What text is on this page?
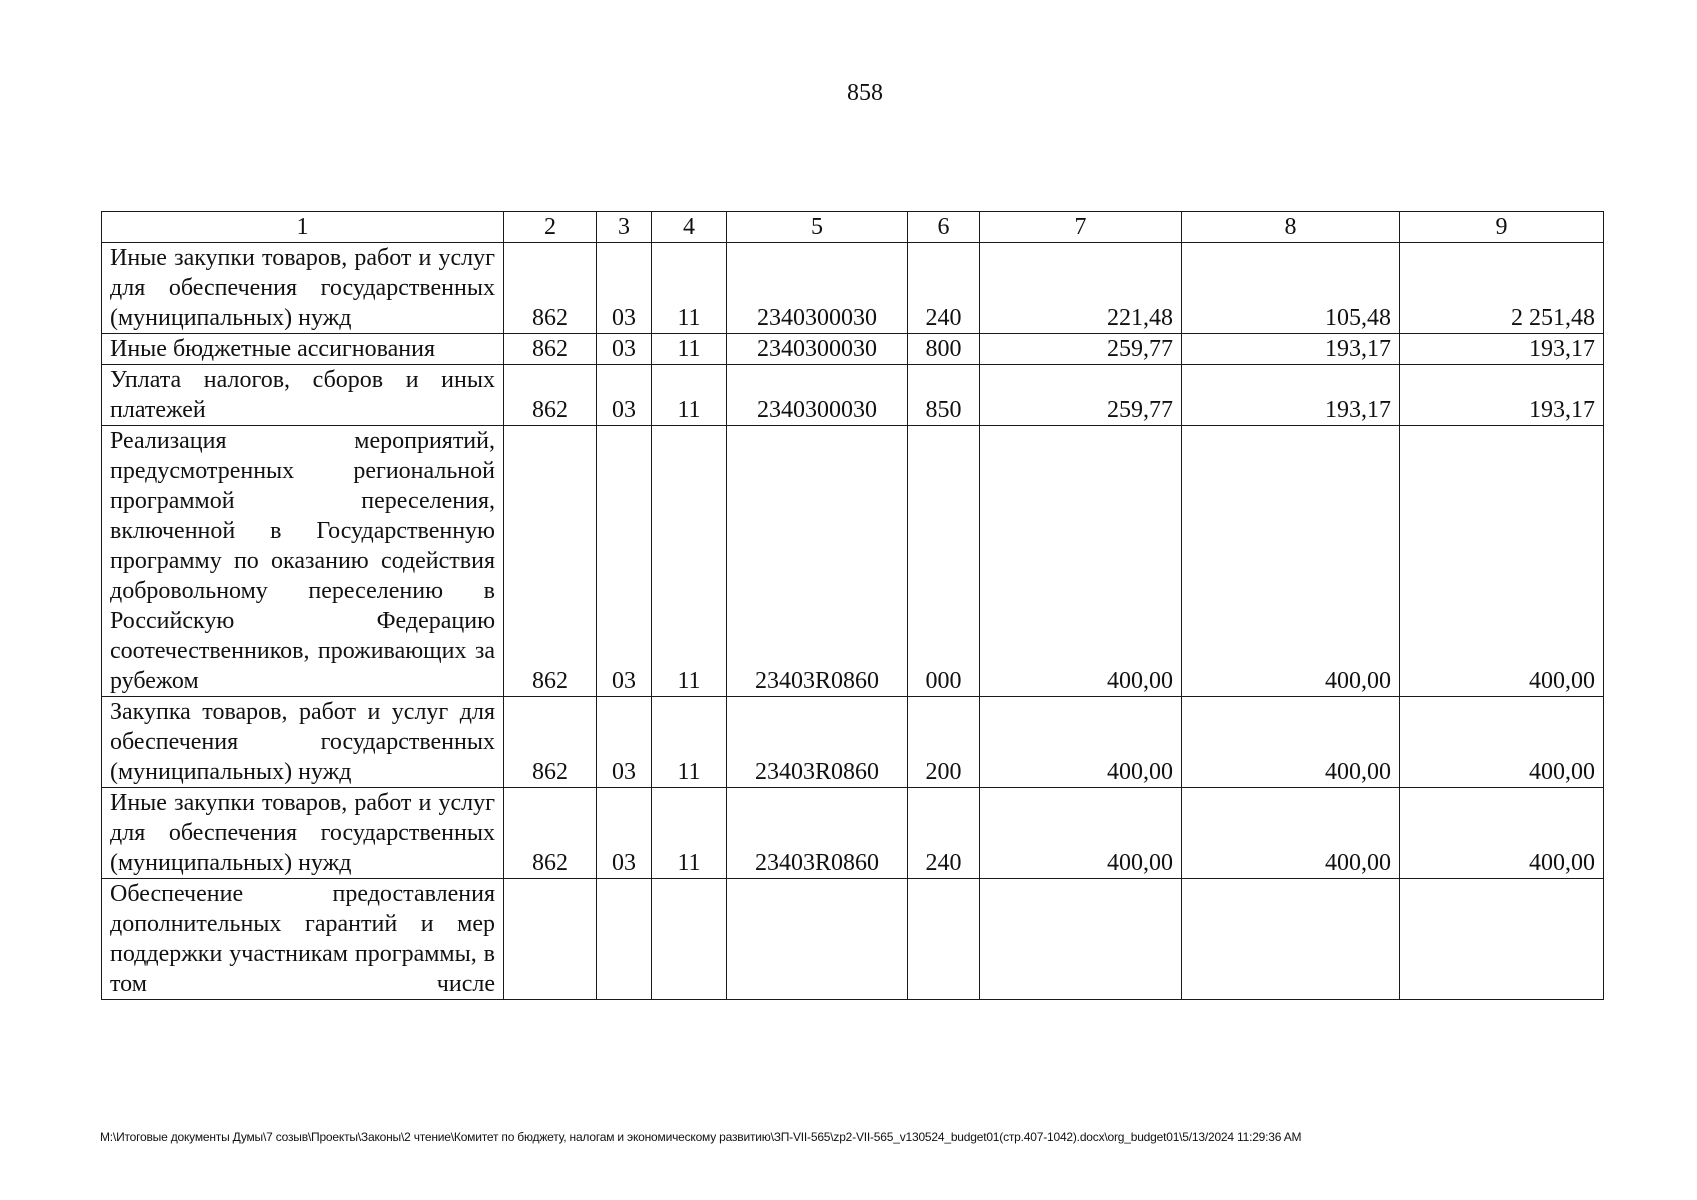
858
1	2	3	4	5	6	7	8	9
Иные закупки товаров, работ и услуг для обеспечения государственных (муниципальных) нужд	862	03	11	2340300030	240	221,48	105,48	2 251,48
Иные бюджетные ассигнования	862	03	11	2340300030	800	259,77	193,17	193,17
Уплата налогов, сборов и иных платежей	862	03	11	2340300030	850	259,77	193,17	193,17
Реализация мероприятий, предусмотренных региональной программой переселения, включенной в Государственную программу по оказанию содействия добровольному переселению в Российскую Федерацию соотечественников, проживающих за рубежом	862	03	11	23403R0860	000	400,00	400,00	400,00
Закупка товаров, работ и услуг для обеспечения государственных (муниципальных) нужд	862	03	11	23403R0860	200	400,00	400,00	400,00
Иные закупки товаров, работ и услуг для обеспечения государственных (муниципальных) нужд	862	03	11	23403R0860	240	400,00	400,00	400,00
Обеспечение предоставления дополнительных гарантий и мер поддержки участникам программы, в том числе								
M:\Итоговые документы Думы\7 созыв\Проекты\Законы\2 чтение\Комитет по бюджету, налогам и экономическому развитию\ЗП-VII-565\zp2-VII-565_v130524_budget01(стр.407-1042).docx\org_budget01\5/13/2024 11:29:36 AM
